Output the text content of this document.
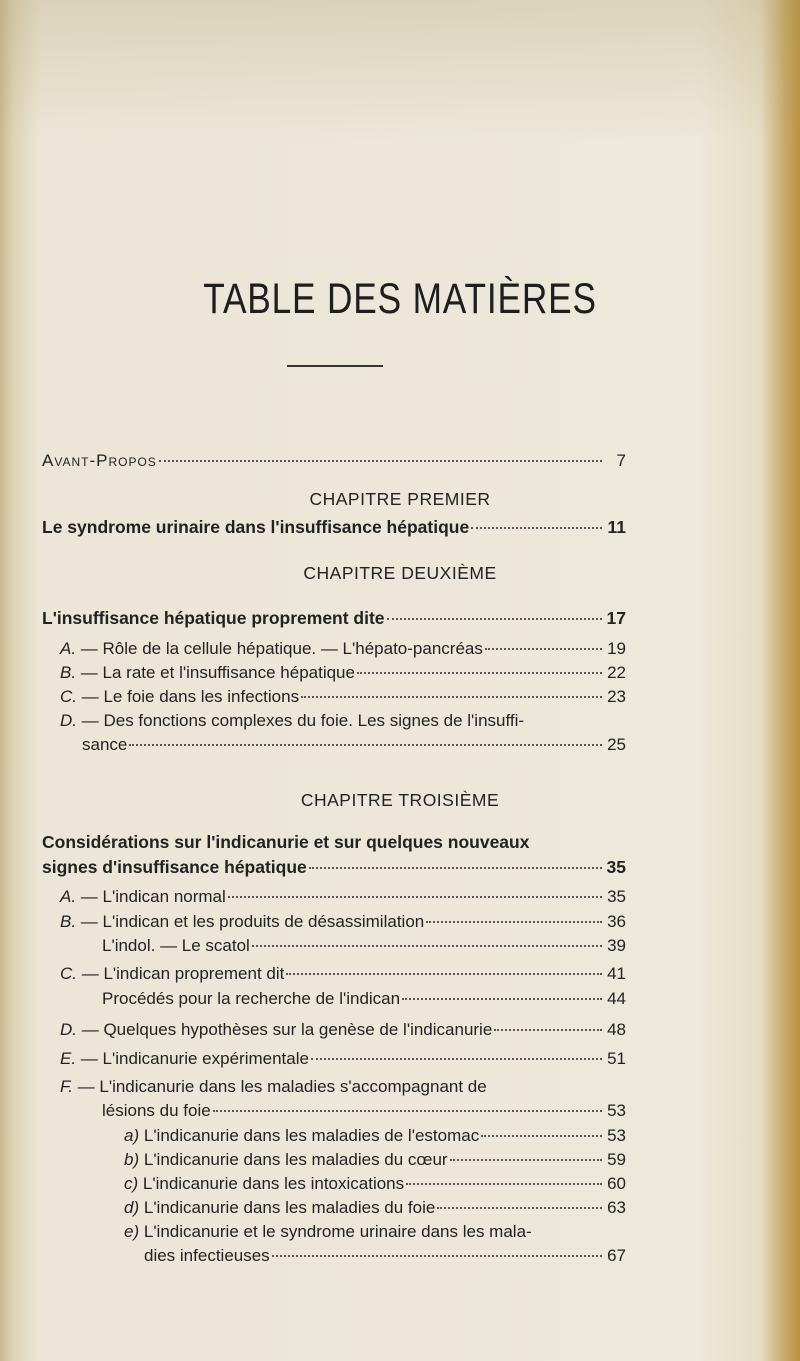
TABLE DES MATIÈRES
Avant-Propos	7
CHAPITRE PREMIER
Le syndrome urinaire dans l'insuffisance hépatique	11
CHAPITRE DEUXIÈME
L'insuffisance hépatique proprement dite	17
A. — Rôle de la cellule hépatique. — L'hépato-pancréas	19
B. — La rate et l'insuffisance hépatique	22
C. — Le foie dans les infections	23
D. — Des fonctions complexes du foie. Les signes de l'insuffi-
sance	25
CHAPITRE TROISIÈME
Considérations sur l'indicanurie et sur quelques nouveaux
signes d'insuffisance hépatique	35
A. — L'indican normal	35
B. — L'indican et les produits de désassimilation	36
L'indol. — Le scatol	39
C. — L'indican proprement dit	41
Procédés pour la recherche de l'indican	44
D. — Quelques hypothèses sur la genèse de l'indicanurie	48
E. — L'indicanurie expérimentale	51
F. — L'indicanurie dans les maladies s'accompagnant de
lésions du foie	53
a) L'indicanurie dans les maladies de l'estomac	53
b) L'indicanurie dans les maladies du cœur	59
c) L'indicanurie dans les intoxications	60
d) L'indicanurie dans les maladies du foie	63
e) L'indicanurie et le syndrome urinaire dans les mala-
dies infectieuses	67
